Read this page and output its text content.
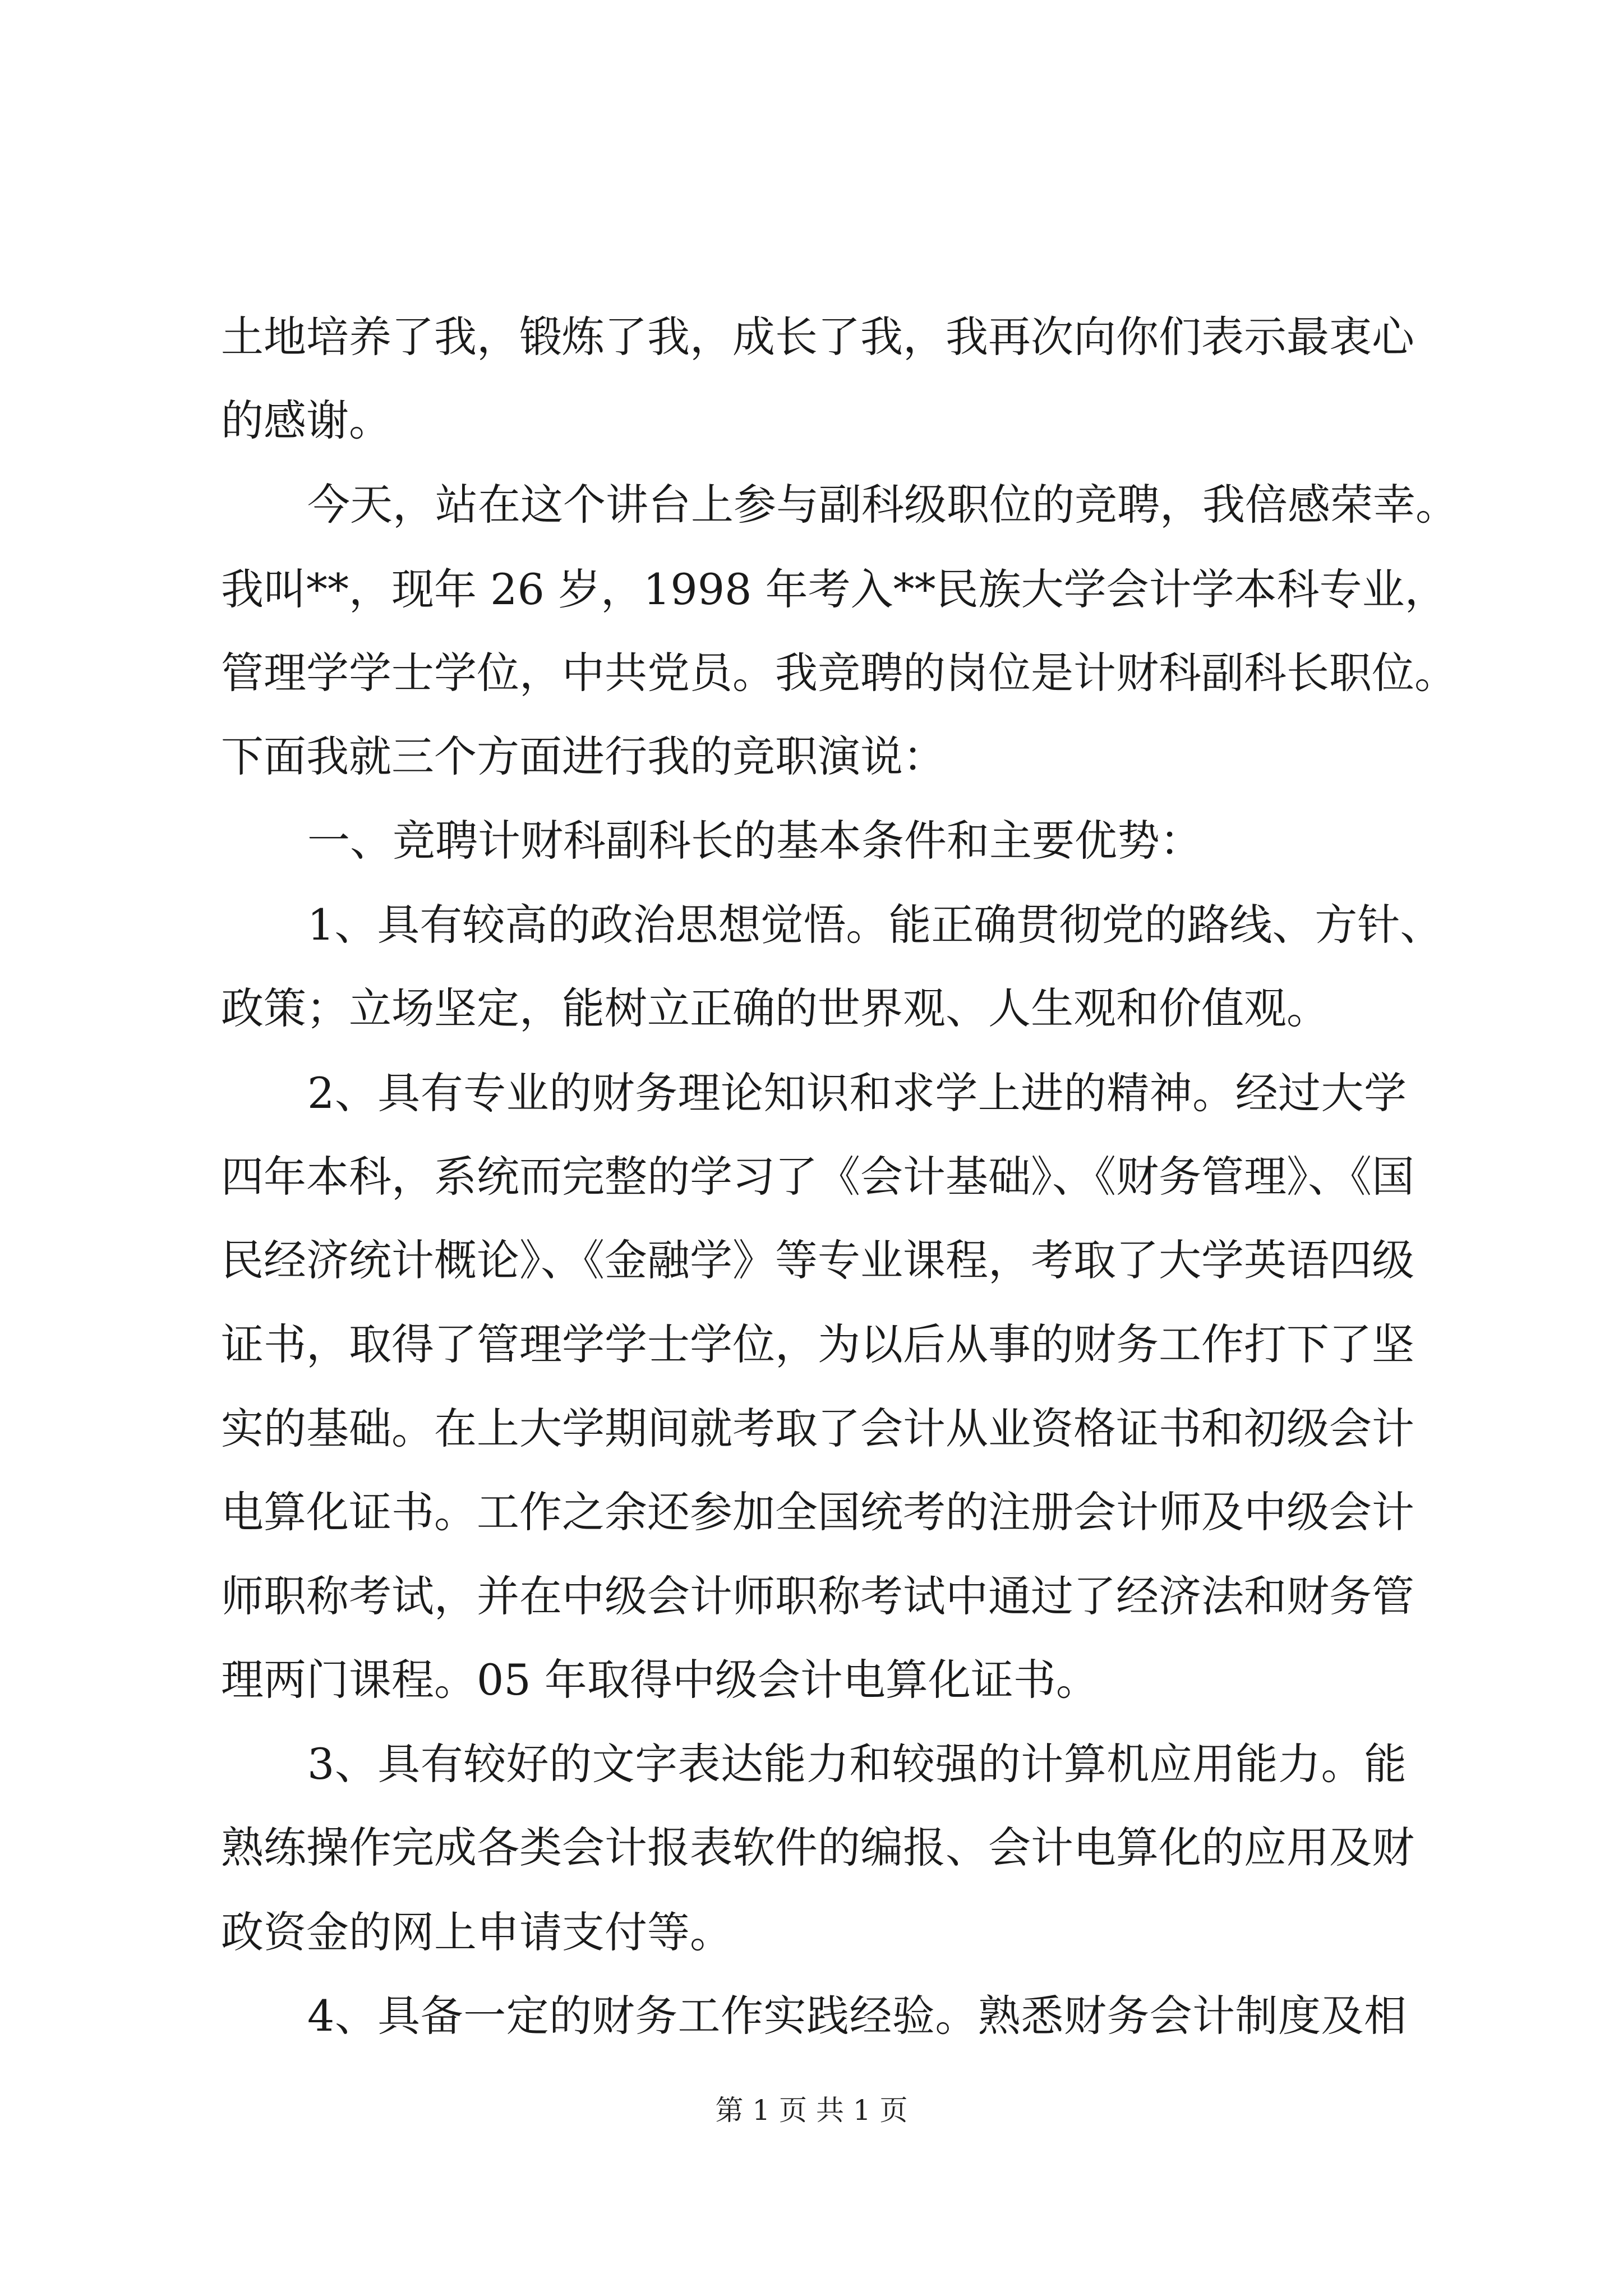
土地培养了我，锻炼了我，成长了我，我再次向你们表示最衷心
的感谢。
今天，站在这个讲台上参与副科级职位的竞聘，我倍感荣幸。
我叫**，现年 26 岁，1998 年考入**民族大学会计学本科专业，
管理学学士学位，中共党员。我竞聘的岗位是计财科副科长职位。
下面我就三个方面进行我的竞职演说：
一、竞聘计财科副科长的基本条件和主要优势：
1、具有较高的政治思想觉悟。能正确贯彻党的路线、方针、
政策；立场坚定，能树立正确的世界观、人生观和价值观。
2、具有专业的财务理论知识和求学上进的精神。经过大学
四年本科，系统而完整的学习了《会计基础》、《财务管理》、《国
民经济统计概论》、《金融学》等专业课程，考取了大学英语四级
证书，取得了管理学学士学位，为以后从事的财务工作打下了坚
实的基础。在上大学期间就考取了会计从业资格证书和初级会计
电算化证书。工作之余还参加全国统考的注册会计师及中级会计
师职称考试，并在中级会计师职称考试中通过了经济法和财务管
理两门课程。05 年取得中级会计电算化证书。
3、具有较好的文字表达能力和较强的计算机应用能力。能
熟练操作完成各类会计报表软件的编报、会计电算化的应用及财
政资金的网上申请支付等。
4、具备一定的财务工作实践经验。熟悉财务会计制度及相
第 1 页 共 1 页
